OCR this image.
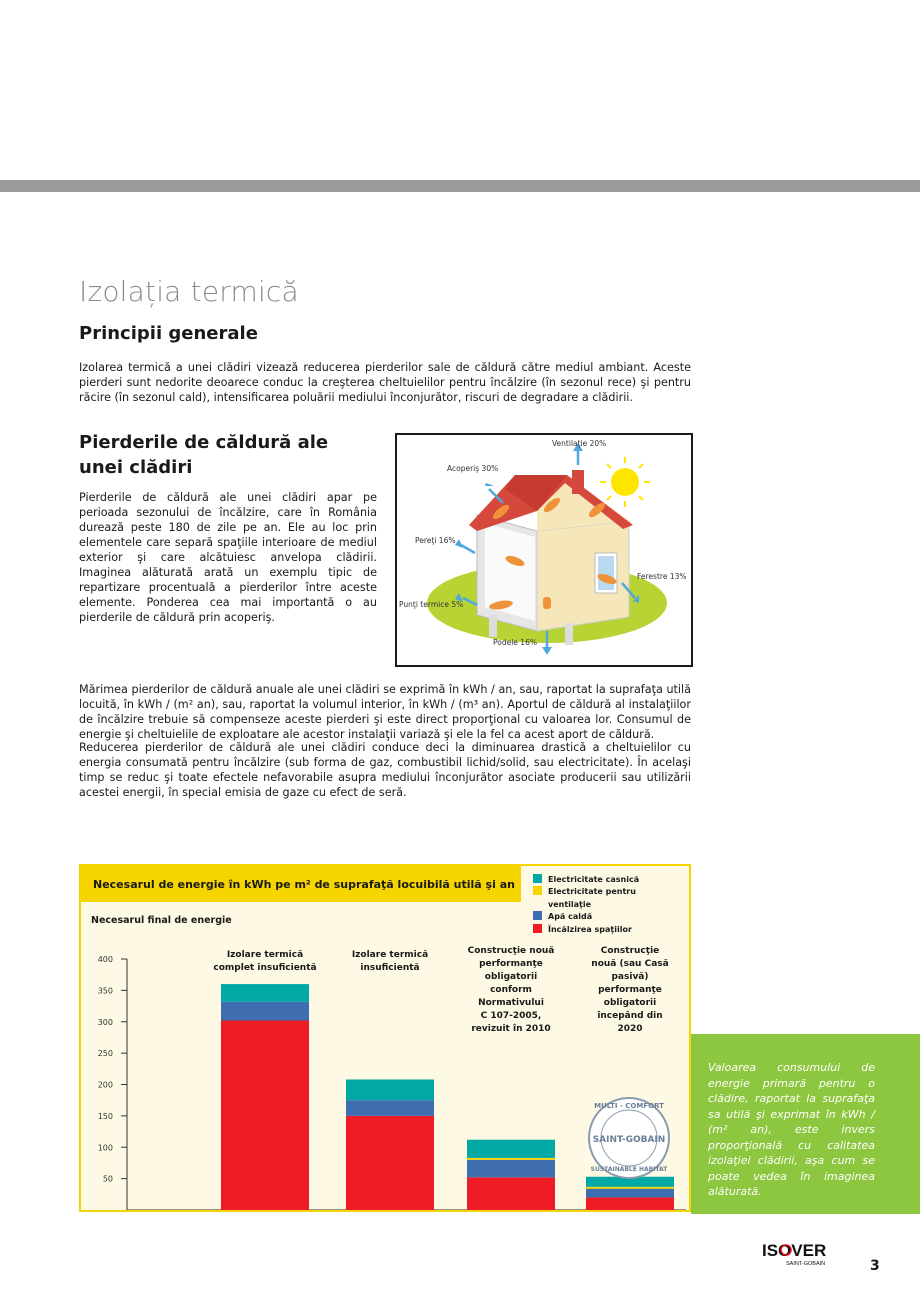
Izolația termică
Principii generale

Izolarea termică a unei clădiri vizează reducerea pierderilor sale de căldură către mediul ambiant. Aceste pierderi sunt nedorite deoarece conduc la creşterea cheltuielilor pentru încălzire (în sezonul rece) şi pentru răcire (în sezonul cald), intensificarea poluării mediului înconjurător, riscuri de degradare a clădirii.

Pierderile de căldură ale unei clădiri

Pierderile de căldură ale unei clădiri apar pe perioada sezonului de încălzire, care în România durează peste 180 de zile pe an. Ele au loc prin elementele care separă spaţiile interioare de mediul exterior şi care alcătuiesc anvelopa clădirii. Imaginea alăturată arată un exemplu tipic de repartizare procentuală a pierderilor între aceste elemente. Ponderea cea mai importantă o au pierderile de căldură prin acoperiş.

Ventilaţie 20%
Acoperiş 30%
Pereţi 16%
Ferestre 13%
Punţi termice 5%
Podele 16%

Mărimea pierderilor de căldură anuale ale unei clădiri se exprimă în kWh / an, sau, raportat la suprafaţa utilă locuită, în kWh / (m² an), sau, raportat la volumul interior, în kWh / (m³ an). Aportul de căldură al instalaţiilor de încălzire trebuie să compenseze aceste pierderi şi este direct proporţional cu valoarea lor. Consumul de energie şi cheltuielile de exploatare ale acestor instalaţii variază şi ele la fel ca acest aport de căldură.

Reducerea pierderilor de căldură ale unei clădiri conduce deci la diminuarea drastică a cheltuielilor cu energia consumată pentru încălzire (sub forma de gaz, combustibil lichid/solid, sau electricitate). În acelaşi timp se reduc şi toate efectele nefavorabile asupra mediului înconjurător asociate producerii sau utilizării acestei energii, în special emisia de gaze cu efect de seră.

Necesarul de energie în kWh pe m² de suprafaţă locuibilă utilă şi an
Necesarul final de energie
Electricitate casnică
Electricitate pentru
ventilaţie
Apă caldă
Încălzirea spaţiilor
50
100
150
200
250
300
350
400	Izolare termică
complet insuficientă
Izolare termică
insuficientă
Construcţie nouă
performanţe
obligatorii
conform
Normativului
C 107-2005,
revizuit în 2010
Construcţie
nouă (sau Casă
pasivă)
performanţe
obligatorii
începând din
2020
MULTI - COMFORT
SAINT-GOBAIN
SUSTAINABLE HABITAT

Valoarea consumului de energie primară pentru o clădire, raportat la suprafaţa sa utilă şi exprimat în kWh / (m² an), este invers proporţională cu calitatea izolaţiei clădirii, aşa cum se poate vedea în imaginea alăturată.

ISOVER
SAINT-GOBAIN	3
